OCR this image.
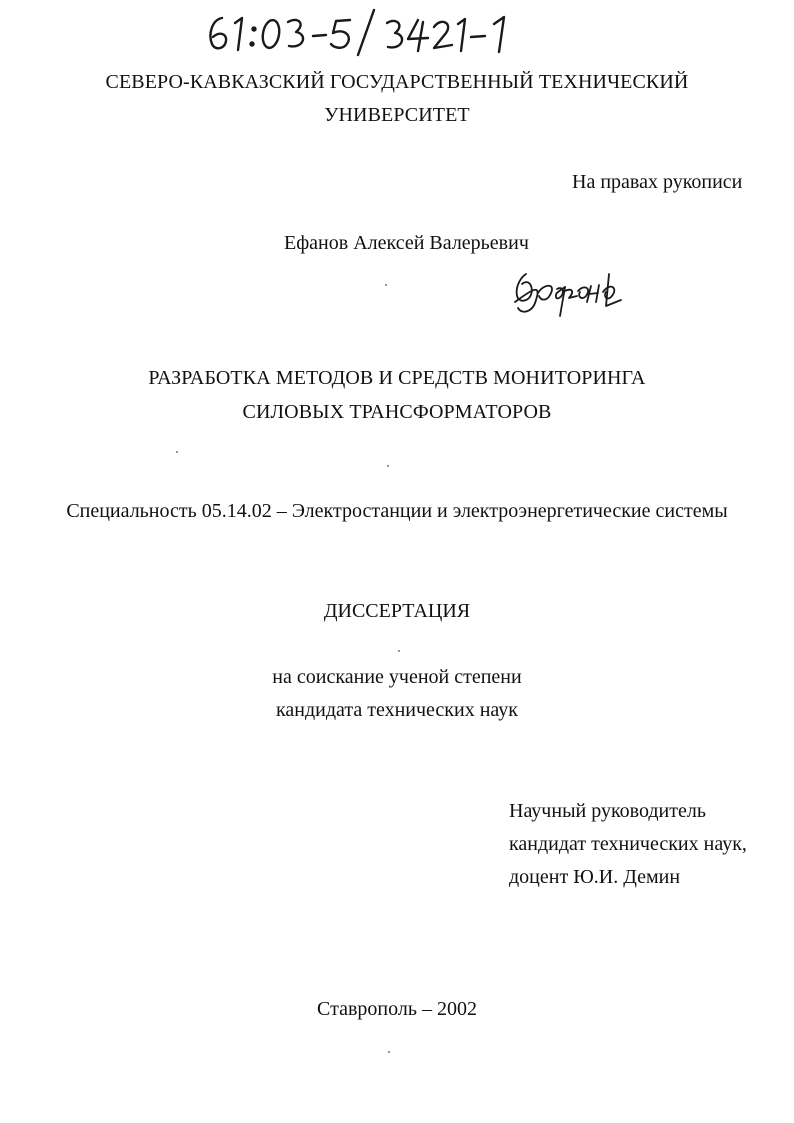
СЕВЕРО-КАВКАЗСКИЙ ГОСУДАРСТВЕННЫЙ ТЕХНИЧЕСКИЙ
УНИВЕРСИТЕТ
На правах рукописи
Ефанов Алексей Валерьевич
РАЗРАБОТКА МЕТОДОВ И СРЕДСТВ МОНИТОРИНГА
СИЛОВЫХ ТРАНСФОРМАТОРОВ
Специальность 05.14.02 – Электростанции и электроэнергетические системы
ДИССЕРТАЦИЯ
на соискание ученой степени
кандидата технических наук
Научный руководитель
кандидат технических наук,
доцент Ю.И. Демин
Ставрополь – 2002
